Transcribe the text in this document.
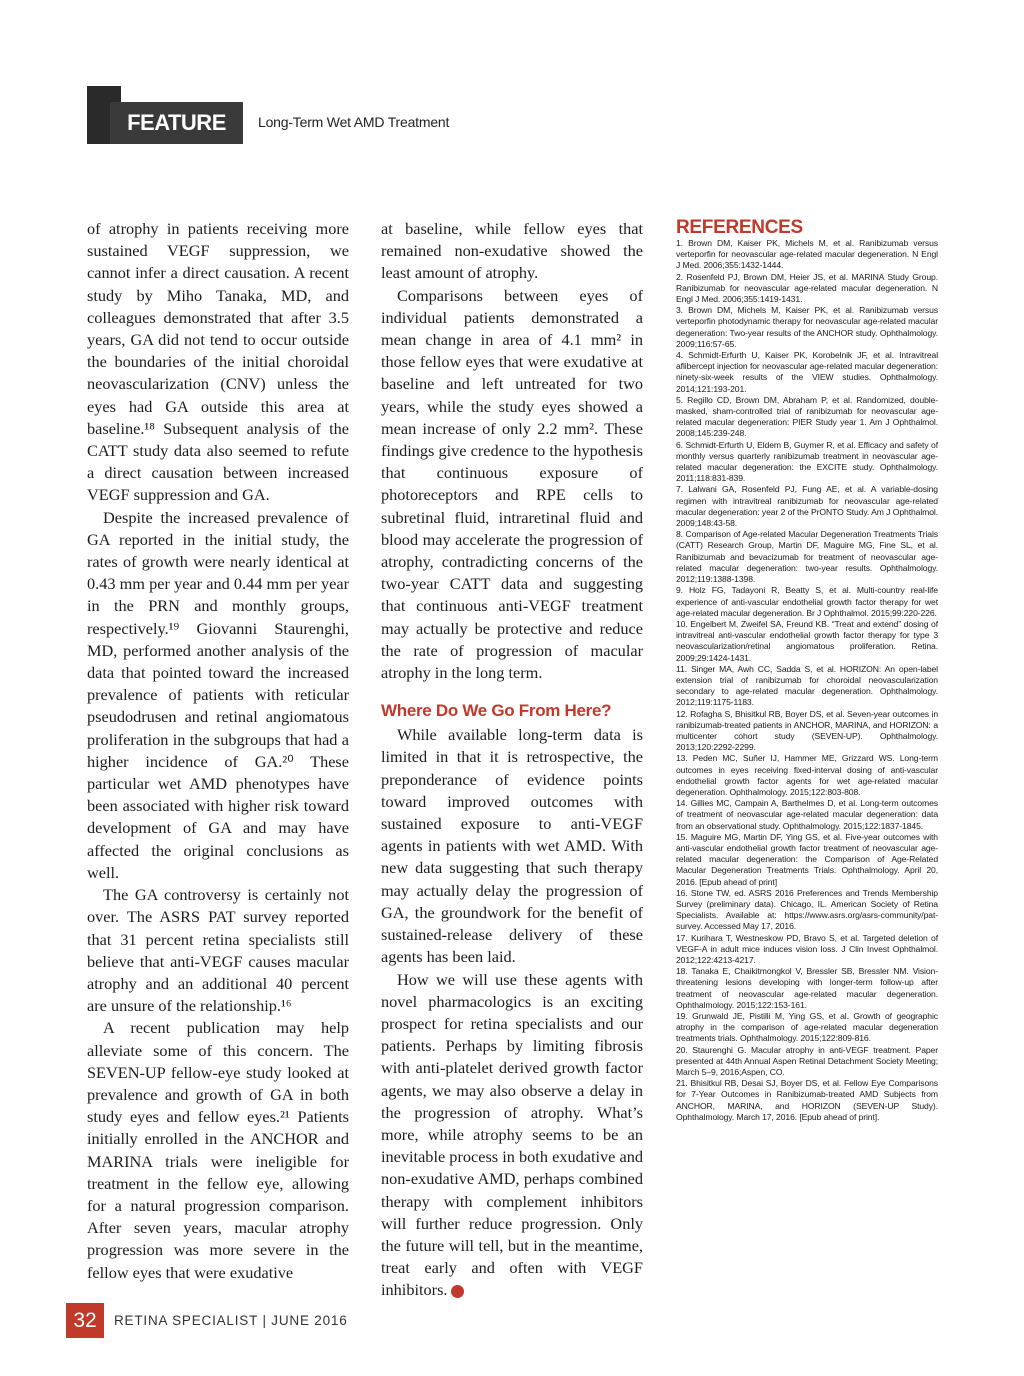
FEATURE	Long-Term Wet AMD Treatment

of atrophy in patients receiving more sustained VEGF suppression, we cannot infer a direct causation. A recent study by Miho Tanaka, MD, and colleagues demonstrated that after 3.5 years, GA did not tend to occur outside the boundaries of the initial choroidal neovascularization (CNV) unless the eyes had GA outside this area at baseline.¹⁸ Subsequent analysis of the CATT study data also seemed to refute a direct causation between increased VEGF suppression and GA.

Despite the increased prevalence of GA reported in the initial study, the rates of growth were nearly identical at 0.43 mm per year and 0.44 mm per year in the PRN and monthly groups, respectively.¹⁹ Giovanni Staurenghi, MD, performed another analysis of the data that pointed toward the increased prevalence of patients with reticular pseudodrusen and retinal angiomatous proliferation in the subgroups that had a higher incidence of GA.²⁰ These particular wet AMD phenotypes have been associated with higher risk toward development of GA and may have affected the original conclusions as well.

The GA controversy is certainly not over. The ASRS PAT survey reported that 31 percent retina specialists still believe that anti-VEGF causes macular atrophy and an additional 40 percent are unsure of the relationship.¹⁶

A recent publication may help alleviate some of this concern. The SEVEN-UP fellow-eye study looked at prevalence and growth of GA in both study eyes and fellow eyes.²¹ Patients initially enrolled in the ANCHOR and MARINA trials were ineligible for treatment in the fellow eye, allowing for a natural progression comparison. After seven years, macular atrophy progression was more severe in the fellow eyes that were exudative

at baseline, while fellow eyes that remained non-exudative showed the least amount of atrophy.

Comparisons between eyes of individual patients demonstrated a mean change in area of 4.1 mm² in those fellow eyes that were exudative at baseline and left untreated for two years, while the study eyes showed a mean increase of only 2.2 mm². These findings give credence to the hypothesis that continuous exposure of photoreceptors and RPE cells to subretinal fluid, intraretinal fluid and blood may accelerate the progression of atrophy, contradicting concerns of the two-year CATT data and suggesting that continuous anti-VEGF treatment may actually be protective and reduce the rate of progression of macular atrophy in the long term.

Where Do We Go From Here?

While available long-term data is limited in that it is retrospective, the preponderance of evidence points toward improved outcomes with sustained exposure to anti-VEGF agents in patients with wet AMD. With new data suggesting that such therapy may actually delay the progression of GA, the groundwork for the benefit of sustained-release delivery of these agents has been laid.

How we will use these agents with novel pharmacologics is an exciting prospect for retina specialists and our patients. Perhaps by limiting fibrosis with anti-platelet derived growth factor agents, we may also observe a delay in the progression of atrophy. What’s more, while atrophy seems to be an inevitable process in both exudative and non-exudative AMD, perhaps combined therapy with complement inhibitors will further reduce progression. Only the future will tell, but in the meantime, treat early and often with VEGF inhibitors.	RS

REFERENCES
1. Brown DM, Kaiser PK, Michels M, et al. Ranibizumab versus verteporfin for neovascular age-related macular degeneration. N Engl J Med. 2006;355:1432-1444.
2. Rosenfeld PJ, Brown DM, Heier JS, et al. MARINA Study Group. Ranibizumab for neovascular age-related macular degeneration. N Engl J Med. 2006;355:1419-1431.
3. Brown DM, Michels M, Kaiser PK, et al. Ranibizumab versus verteporfin photodynamic therapy for neovascular age-related macular degeneration: Two-year results of the ANCHOR study. Ophthalmology. 2009;116:57-65.
4. Schmidt-Erfurth U, Kaiser PK, Korobelnik JF, et al. Intravitreal aflibercept injection for neovascular age-related macular degeneration: ninety-six-week results of the VIEW studies. Ophthalmology. 2014;121:193-201.
5. Regillo CD, Brown DM, Abraham P, et al. Randomized, double-masked, sham-controlled trial of ranibizumab for neovascular age-related macular degeneration: PIER Study year 1. Am J Ophthalmol. 2008;145:239-248.
6. Schmidt-Erfurth U, Eldem B, Guymer R, et al. Efficacy and safety of monthly versus quarterly ranibizumab treatment in neovascular age-related macular degeneration: the EXCITE study. Ophthalmology. 2011;118:831-839.
7. Lalwani GA, Rosenfeld PJ, Fung AE, et al. A variable-dosing regimen with intravitreal ranibizumab for neovascular age-related macular degeneration: year 2 of the PrONTO Study. Am J Ophthalmol. 2009;148:43-58.
8. Comparison of Age-related Macular Degeneration Treatments Trials (CATT) Research Group, Martin DF, Maguire MG, Fine SL, et al. Ranibizumab and bevacizumab for treatment of neovascular age-related macular degeneration: two-year results. Ophthalmology. 2012;119:1388-1398.
9. Holz FG, Tadayoni R, Beatty S, et al. Multi-country real-life experience of anti-vascular endothelial growth factor therapy for wet age-related macular degeneration. Br J Ophthalmol. 2015;99:220-226.
10. Engelbert M, Zweifel SA, Freund KB. “Treat and extend” dosing of intravitreal anti-vascular endothelial growth factor therapy for type 3 neovascularization/retinal angiomatous proliferation. Retina. 2009;29:1424-1431.
11. Singer MA, Awh CC, Sadda S, et al. HORIZON: An open-label extension trial of ranibizumab for choroidal neovascularization secondary to age-related macular degeneration. Ophthalmology. 2012;119:1175-1183.
12. Rofagha S, Bhisitkul RB, Boyer DS, et al. Seven-year outcomes in ranibizumab-treated patients in ANCHOR, MARINA, and HORIZON: a multicenter cohort study (SEVEN-UP). Ophthalmology. 2013;120:2292-2299.
13. Peden MC, Suñer IJ, Hammer ME, Grizzard WS. Long-term outcomes in eyes receiving fixed-interval dosing of anti-vascular endothelial growth factor agents for wet age-related macular degeneration. Ophthalmology. 2015;122:803-808.
14. Gillies MC, Campain A, Barthelmes D, et al. Long-term outcomes of treatment of neovascular age-related macular degeneration: data from an observational study. Ophthalmology. 2015;122:1837-1845.
15. Maguire MG, Martin DF, Ying GS, et al. Five-year outcomes with anti-vascular endothelial growth factor treatment of neovascular age-related macular degeneration: the Comparison of Age-Related Macular Degeneration Treatments Trials. Ophthalmology. April 20, 2016. [Epub ahead of print]
16. Stone TW, ed. ASRS 2016 Preferences and Trends Membership Survey (preliminary data). Chicago, IL. American Society of Retina Specialists. Available at: https://www.asrs.org/asrs-community/pat-survey. Accessed May 17, 2016.
17. Kurihara T, Westneskow PD, Bravo S, et al. Targeted deletion of VEGF-A in adult mice induces vision loss. J Clin Invest Ophthalmol. 2012;122:4213-4217.
18. Tanaka E, Chaikitmongkol V, Bressler SB, Bressler NM. Vision-threatening lesions developing with longer-term follow-up after treatment of neovascular age-related macular degeneration. Ophthalmology. 2015;122:153-161.
19. Grunwald JE, Pistilli M, Ying GS, et al. Growth of geographic atrophy in the comparison of age-related macular degeneration treatments trials. Ophthalmology. 2015;122:809-816.
20. Staurenghi G. Macular atrophy in anti-VEGF treatment. Paper presented at 44th Annual Aspen Retinal Detachment Society Meeting; March 5–9, 2016;Aspen, CO.
21. Bhisitkul RB, Desai SJ, Boyer DS, et al. Fellow Eye Comparisons for 7-Year Outcomes in Ranibizumab-treated AMD Subjects from ANCHOR, MARINA, and HORIZON (SEVEN-UP Study). Ophthalmology. March 17, 2016. [Epub ahead of print].
32	RETINA SPECIALIST | JUNE 2016
